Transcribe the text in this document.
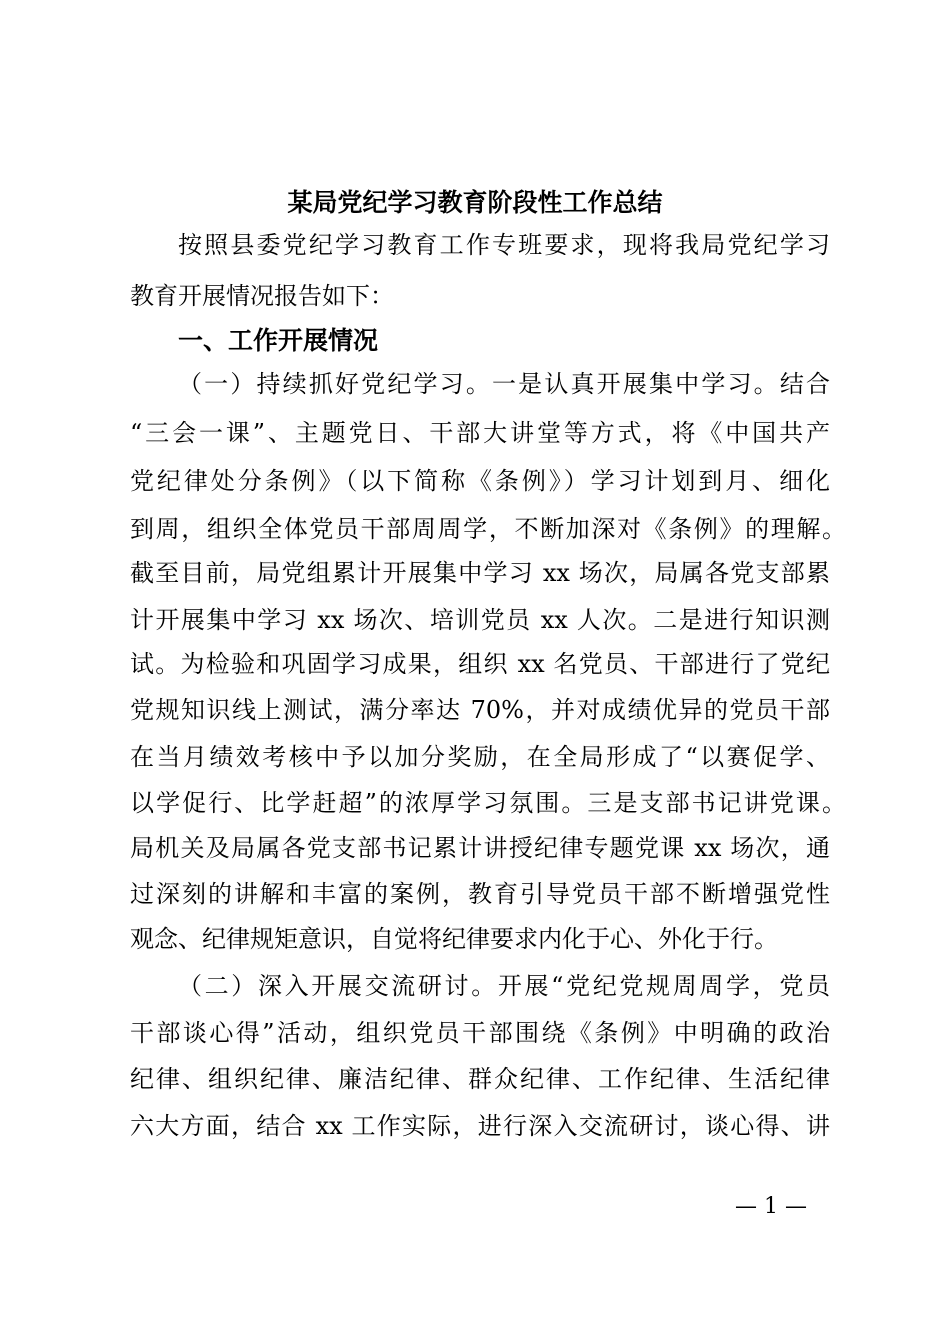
某局党纪学习教育阶段性工作总结
按照县委党纪学习教育工作专班要求，现将我局党纪学习
教育开展情况报告如下：
一、工作开展情况
（一）持续抓好党纪学习。一是认真开展集中学习。结合
“三会一课”、主题党日、干部大讲堂等方式，将《中国共产
党纪律处分条例》（以下简称《条例》）学习计划到月、细化
到周，组织全体党员干部周周学，不断加深对《条例》的理解。
截至目前，局党组累计开展集中学习 xx 场次，局属各党支部累
计开展集中学习 xx 场次、培训党员 xx 人次。二是进行知识测
试。为检验和巩固学习成果，组织 xx 名党员、干部进行了党纪
党规知识线上测试，满分率达 70%，并对成绩优异的党员干部
在当月绩效考核中予以加分奖励，在全局形成了“以赛促学、
以学促行、比学赶超”的浓厚学习氛围。三是支部书记讲党课。
局机关及局属各党支部书记累计讲授纪律专题党课 xx 场次，通
过深刻的讲解和丰富的案例，教育引导党员干部不断增强党性
观念、纪律规矩意识，自觉将纪律要求内化于心、外化于行。
（二）深入开展交流研讨。开展“党纪党规周周学，党员
干部谈心得”活动，组织党员干部围绕《条例》中明确的政治
纪律、组织纪律、廉洁纪律、群众纪律、工作纪律、生活纪律
六大方面，结合 xx 工作实际，进行深入交流研讨，谈心得、讲
— 1 —
